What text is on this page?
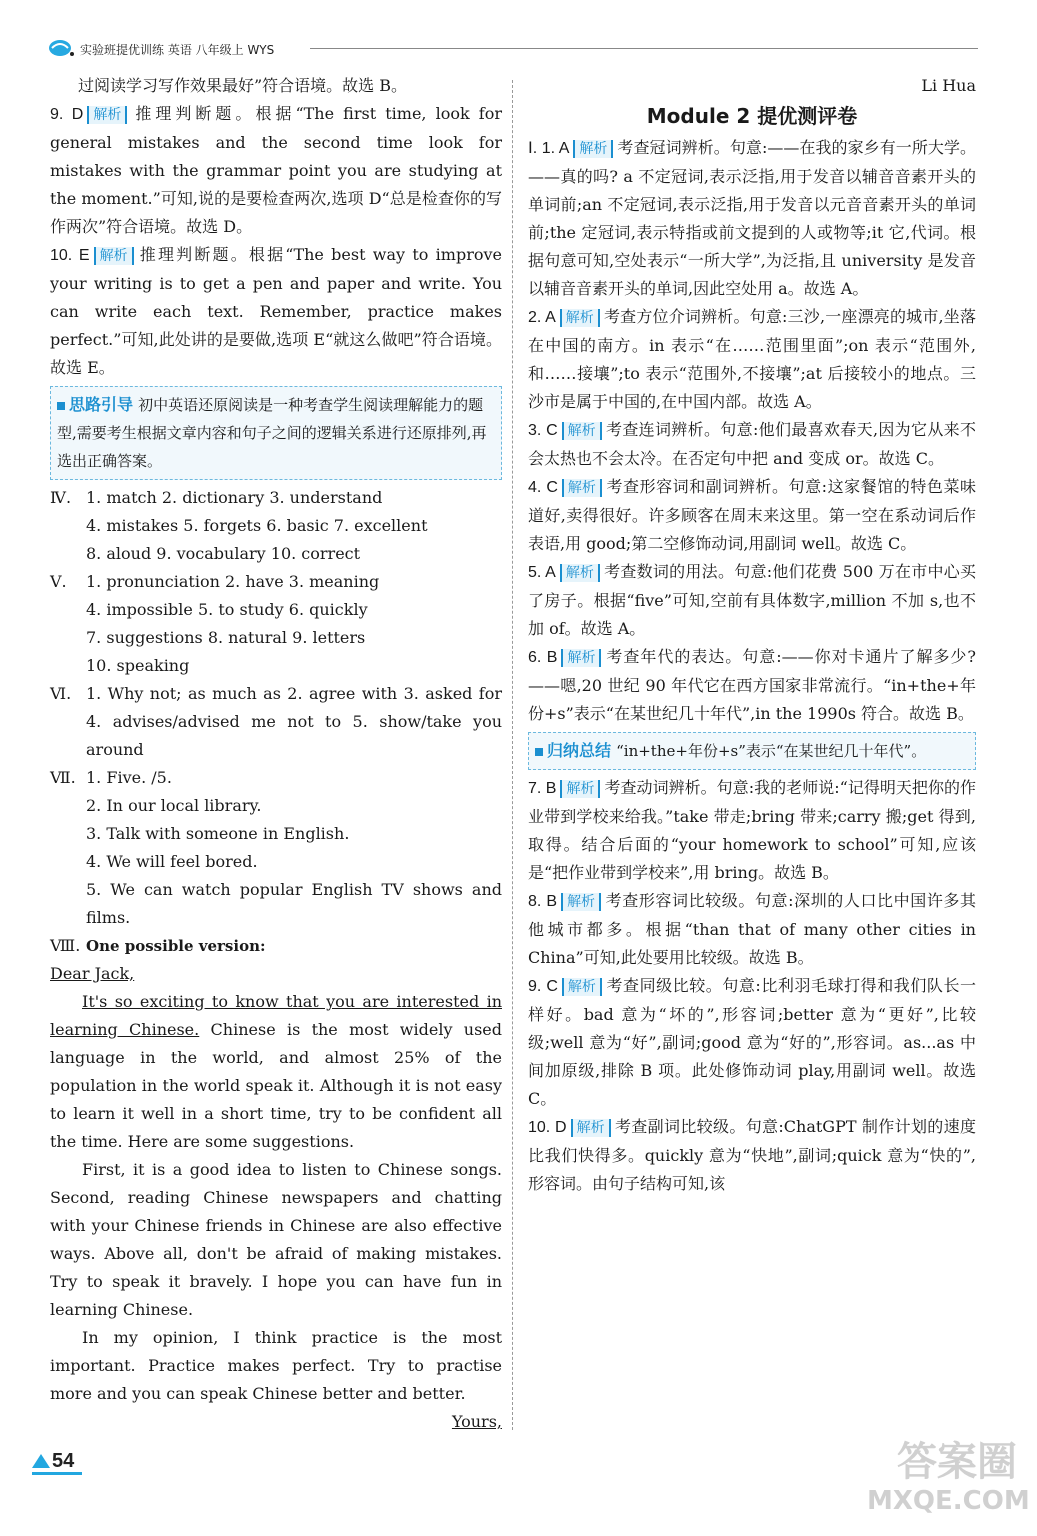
实验班提优训练 英语 八年级上 WYS

过阅读学习写作效果最好”符合语境。故选 B。

9. D 解析 推理判断题。根据“The first time, look for general mistakes and the second time look for mistakes with the grammar point you are studying at the moment.”可知,说的是要检查两次,选项 D“总是检查你的写作两次”符合语境。故选 D。

10. E 解析 推理判断题。根据“The best way to improve your writing is to get a pen and paper and write. You can write each text. Remember, practice makes perfect.”可知,此处讲的是要做,选项 E“就这么做吧”符合语境。故选 E。

思路引导 初中英语还原阅读是一种考查学生阅读理解能力的题型,需要考生根据文章内容和句子之间的逻辑关系进行还原排列,再选出正确答案。
Ⅳ. 1. match 2. dictionary 3. understand
4. mistakes 5. forgets 6. basic 7. excellent
8. aloud 9. vocabulary 10. correct
Ⅴ.	1. pronunciation 2. have 3. meaning
4. impossible 5. to study 6. quickly
7. suggestions 8. natural 9. letters
10. speaking
Ⅵ. 1. Why not; as much as 2. agree with 3. asked for 4. advises/advised me not to 5. show/take you around
Ⅶ. 1. Five. /5.
2. In our local library.
3. Talk with someone in English.
4. We will feel bored.
5. We can watch popular English TV shows and films.
Ⅷ. One possible version:
Dear Jack,

It's so exciting to know that you are interested in learning Chinese. Chinese is the most widely used language in the world, and almost 25% of the population in the world speak it. Although it is not easy to learn it well in a short time, try to be confident all the time. Here are some suggestions.

First, it is a good idea to listen to Chinese songs. Second, reading Chinese newspapers and chatting with your Chinese friends in Chinese are also effective ways. Above all, don't be afraid of making mistakes. Try to speak it bravely. I hope you can have fun in learning Chinese.

In my opinion, I think practice is the most important. Practice makes perfect. Try to practise more and you can speak Chinese better and better.

Yours,
Li Hua
Module 2 提优测评卷

Ⅰ. 1. A 解析 考查冠词辨析。句意:——在我的家乡有一所大学。——真的吗? a 不定冠词,表示泛指,用于发音以辅音音素开头的单词前;an 不定冠词,表示泛指,用于发音以元音音素开头的单词前;the 定冠词,表示特指或前文提到的人或物等;it 它,代词。根据句意可知,空处表示“一所大学”,为泛指,且 university 是发音以辅音音素开头的单词,因此空处用 a。故选 A。

2. A 解析 考查方位介词辨析。句意:三沙,一座漂亮的城市,坐落在中国的南方。in 表示“在……范围里面”;on 表示“范围外,和……接壤”;to 表示“范围外,不接壤”;at 后接较小的地点。三沙市是属于中国的,在中国内部。故选 A。

3. C 解析 考查连词辨析。句意:他们最喜欢春天,因为它从来不会太热也不会太冷。在否定句中把 and 变成 or。故选 C。

4. C 解析 考查形容词和副词辨析。句意:这家餐馆的特色菜味道好,卖得很好。许多顾客在周末来这里。第一空在系动词后作表语,用 good;第二空修饰动词,用副词 well。故选 C。

5. A 解析 考查数词的用法。句意:他们花费 500 万在市中心买了房子。根据“five”可知,空前有具体数字,million 不加 s,也不加 of。故选 A。

6. B 解析 考查年代的表达。句意:——你对卡通片了解多少?——嗯,20 世纪 90 年代它在西方国家非常流行。“in+the+年份+s”表示“在某世纪几十年代”,in the 1990s 符合。故选 B。

归纳总结 “in+the+年份+s”表示“在某世纪几十年代”。

7. B 解析 考查动词辨析。句意:我的老师说:“记得明天把你的作业带到学校来给我。”take 带走;bring 带来;carry 搬;get 得到,取得。结合后面的“your homework to school”可知,应该是“把作业带到学校来”,用 bring。故选 B。

8. B 解析 考查形容词比较级。句意:深圳的人口比中国许多其他城市都多。根据“than that of many other cities in China”可知,此处要用比较级。故选 B。

9. C 解析 考查同级比较。句意:比利羽毛球打得和我们队长一样好。bad 意为“坏的”,形容词;better 意为“更好”,比较级;well 意为“好”,副词;good 意为“好的”,形容词。as...as 中间加原级,排除 B 项。此处修饰动词 play,用副词 well。故选 C。

10. D 解析 考查副词比较级。句意:ChatGPT 制作计划的速度比我们快得多。quickly 意为“快地”,副词;quick 意为“快的”,形容词。由句子结构可知,该

54	答案圈
MXQE.COM
